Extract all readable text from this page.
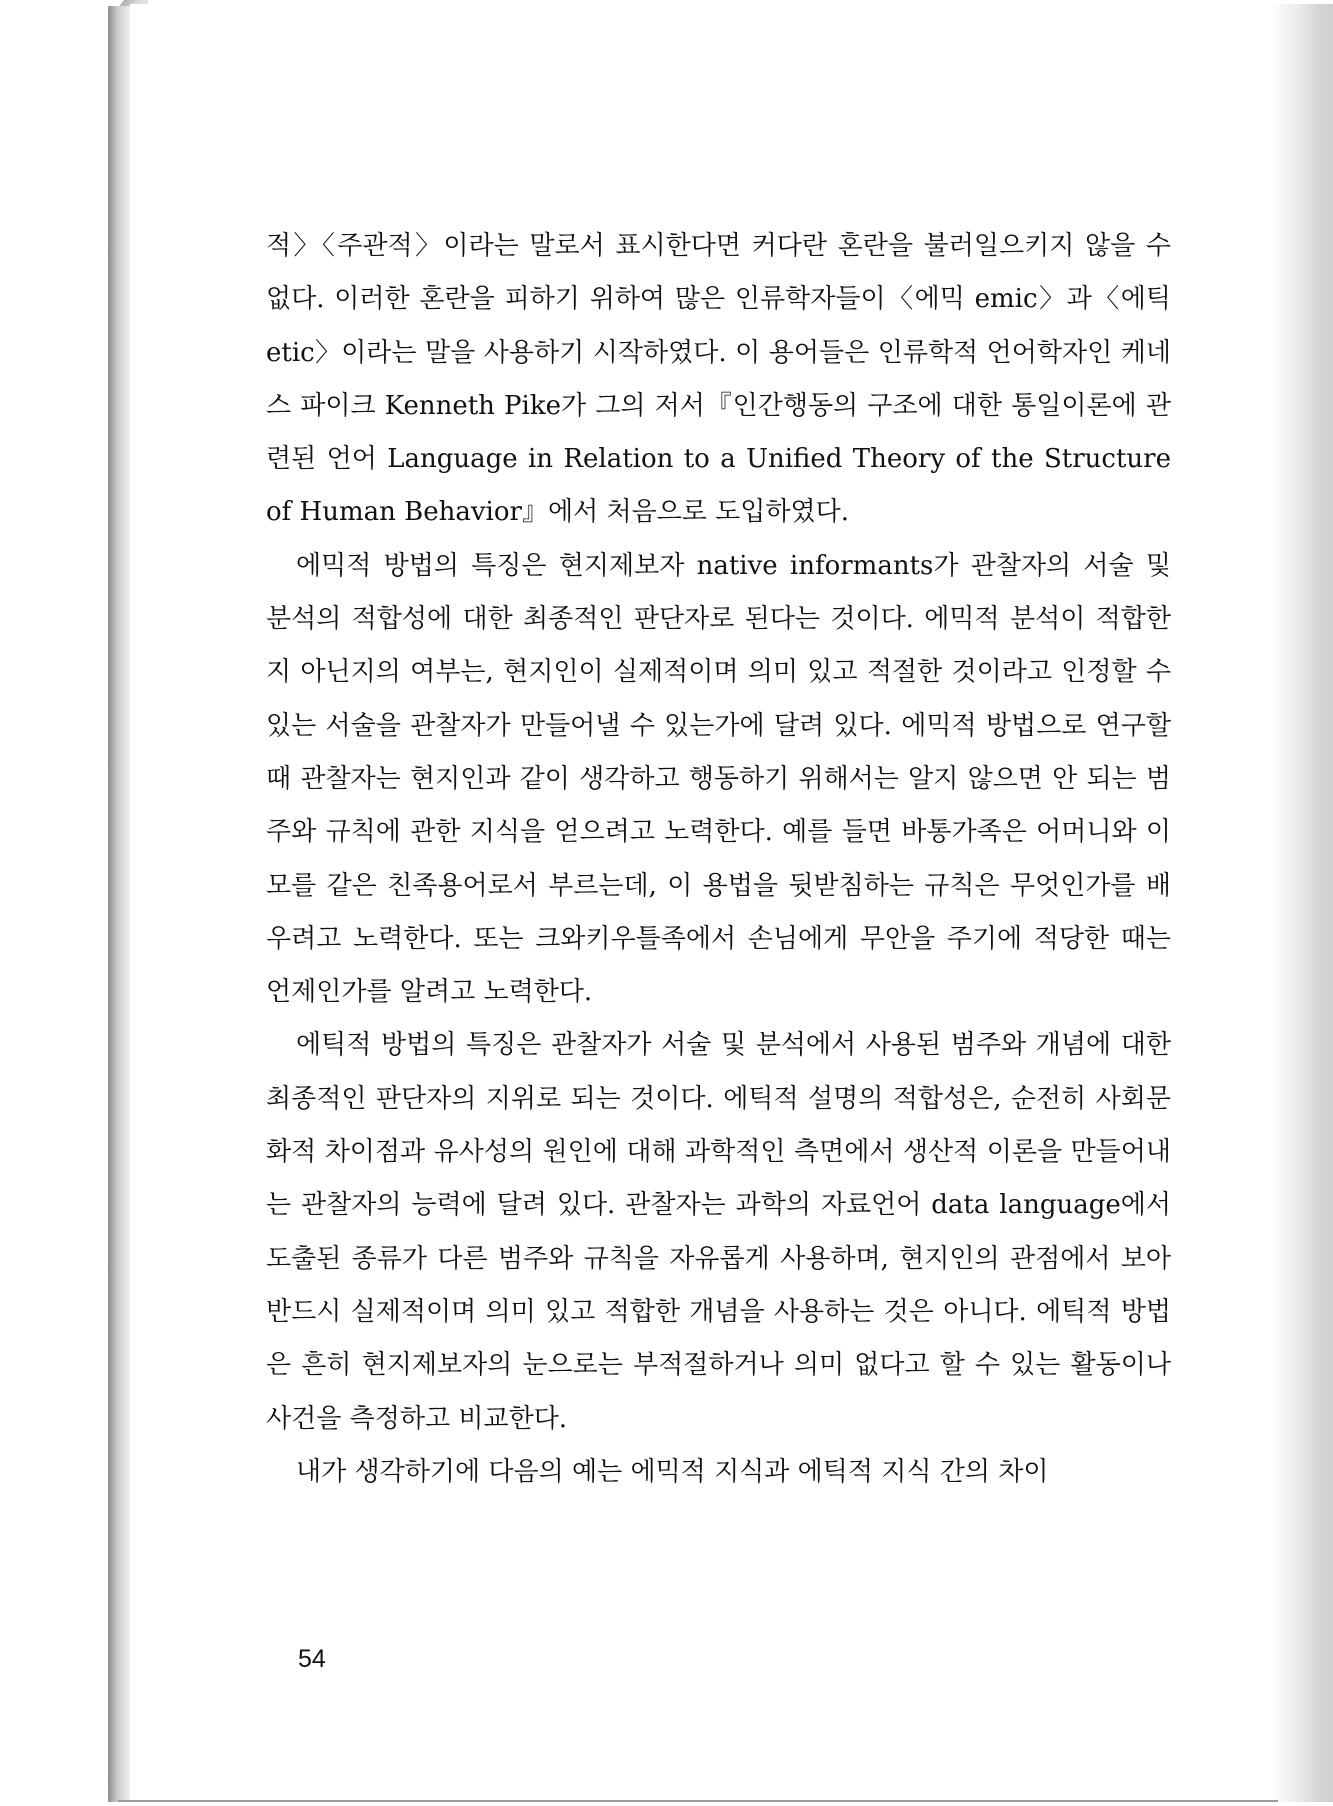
적〉〈주관적〉이라는 말로서 표시한다면 커다란 혼란을 불러일으키지 않을 수 없다. 이러한 혼란을 피하기 위하여 많은 인류학자들이〈에믹 emic〉과〈에틱 etic〉이라는 말을 사용하기 시작하였다. 이 용어들은 인류학적 언어학자인 케네스 파이크 Kenneth Pike가 그의 저서『인간행동의 구조에 대한 통일이론에 관련된 언어 Language in Relation to a Unified Theory of the Structure of Human Behavior』에서 처음으로 도입하였다.

에믹적 방법의 특징은 현지제보자 native informants가 관찰자의 서술 및 분석의 적합성에 대한 최종적인 판단자로 된다는 것이다. 에믹적 분석이 적합한지 아닌지의 여부는, 현지인이 실제적이며 의미 있고 적절한 것이라고 인정할 수 있는 서술을 관찰자가 만들어낼 수 있는가에 달려 있다. 에믹적 방법으로 연구할 때 관찰자는 현지인과 같이 생각하고 행동하기 위해서는 알지 않으면 안 되는 범주와 규칙에 관한 지식을 얻으려고 노력한다. 예를 들면 바통가족은 어머니와 이모를 같은 친족용어로서 부르는데, 이 용법을 뒷받침하는 규칙은 무엇인가를 배우려고 노력한다. 또는 크와키우틀족에서 손님에게 무안을 주기에 적당한 때는 언제인가를 알려고 노력한다.

에틱적 방법의 특징은 관찰자가 서술 및 분석에서 사용된 범주와 개념에 대한 최종적인 판단자의 지위로 되는 것이다. 에틱적 설명의 적합성은, 순전히 사회문화적 차이점과 유사성의 원인에 대해 과학적인 측면에서 생산적 이론을 만들어내는 관찰자의 능력에 달려 있다. 관찰자는 과학의 자료언어 data language에서 도출된 종류가 다른 범주와 규칙을 자유롭게 사용하며, 현지인의 관점에서 보아 반드시 실제적이며 의미 있고 적합한 개념을 사용하는 것은 아니다. 에틱적 방법은 흔히 현지제보자의 눈으로는 부적절하거나 의미 없다고 할 수 있는 활동이나 사건을 측정하고 비교한다.

내가 생각하기에 다음의 예는 에믹적 지식과 에틱적 지식 간의 차이

54
